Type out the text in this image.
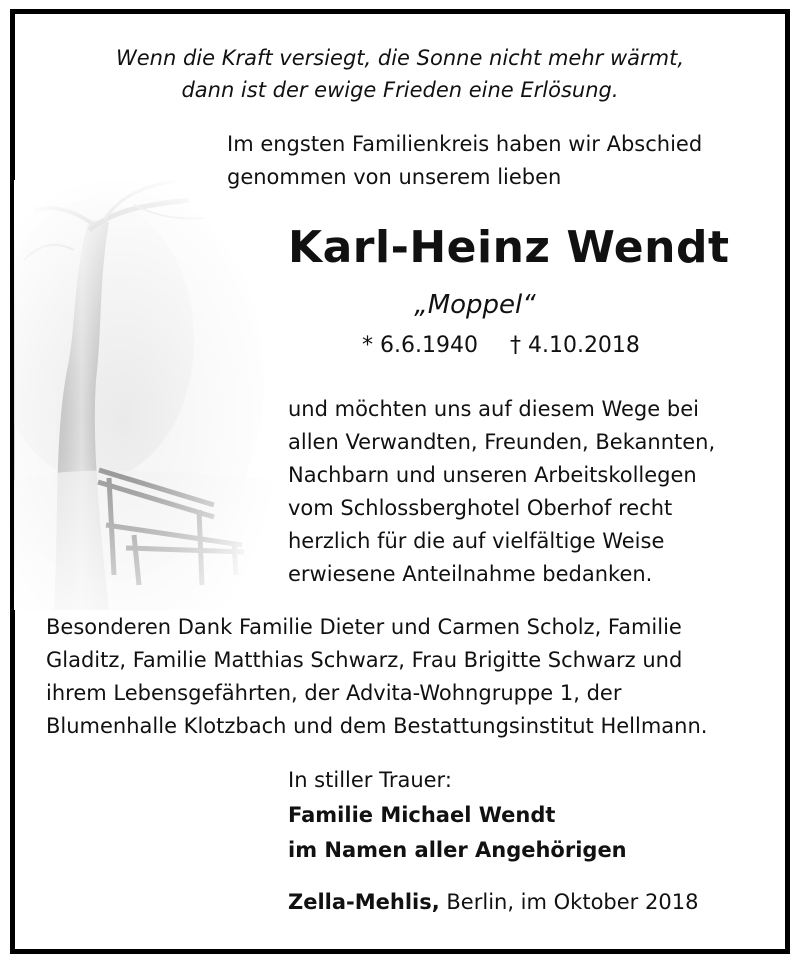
Wenn die Kraft versiegt, die Sonne nicht mehr wärmt,
dann ist der ewige Frieden eine Erlösung.
Im engsten Familienkreis haben wir Abschied
genommen von unserem lieben
Karl-Heinz Wendt
„Moppel“
* 6.6.1940 † 4.10.2018
und möchten uns auf diesem Wege bei
allen Verwandten, Freunden, Bekannten,
Nachbarn und unseren Arbeitskollegen
vom Schlossberghotel Oberhof recht
herzlich für die auf vielfältige Weise
erwiesene Anteilnahme bedanken.
Besonderen Dank Familie Dieter und Carmen Scholz, Familie
Gladitz, Familie Matthias Schwarz, Frau Brigitte Schwarz und
ihrem Lebensgefährten, der Advita-Wohngruppe 1, der
Blumenhalle Klotzbach und dem Bestattungsinstitut Hellmann.
In stiller Trauer:
Familie Michael Wendt
im Namen aller Angehörigen
Zella-Mehlis, Berlin, im Oktober 2018
